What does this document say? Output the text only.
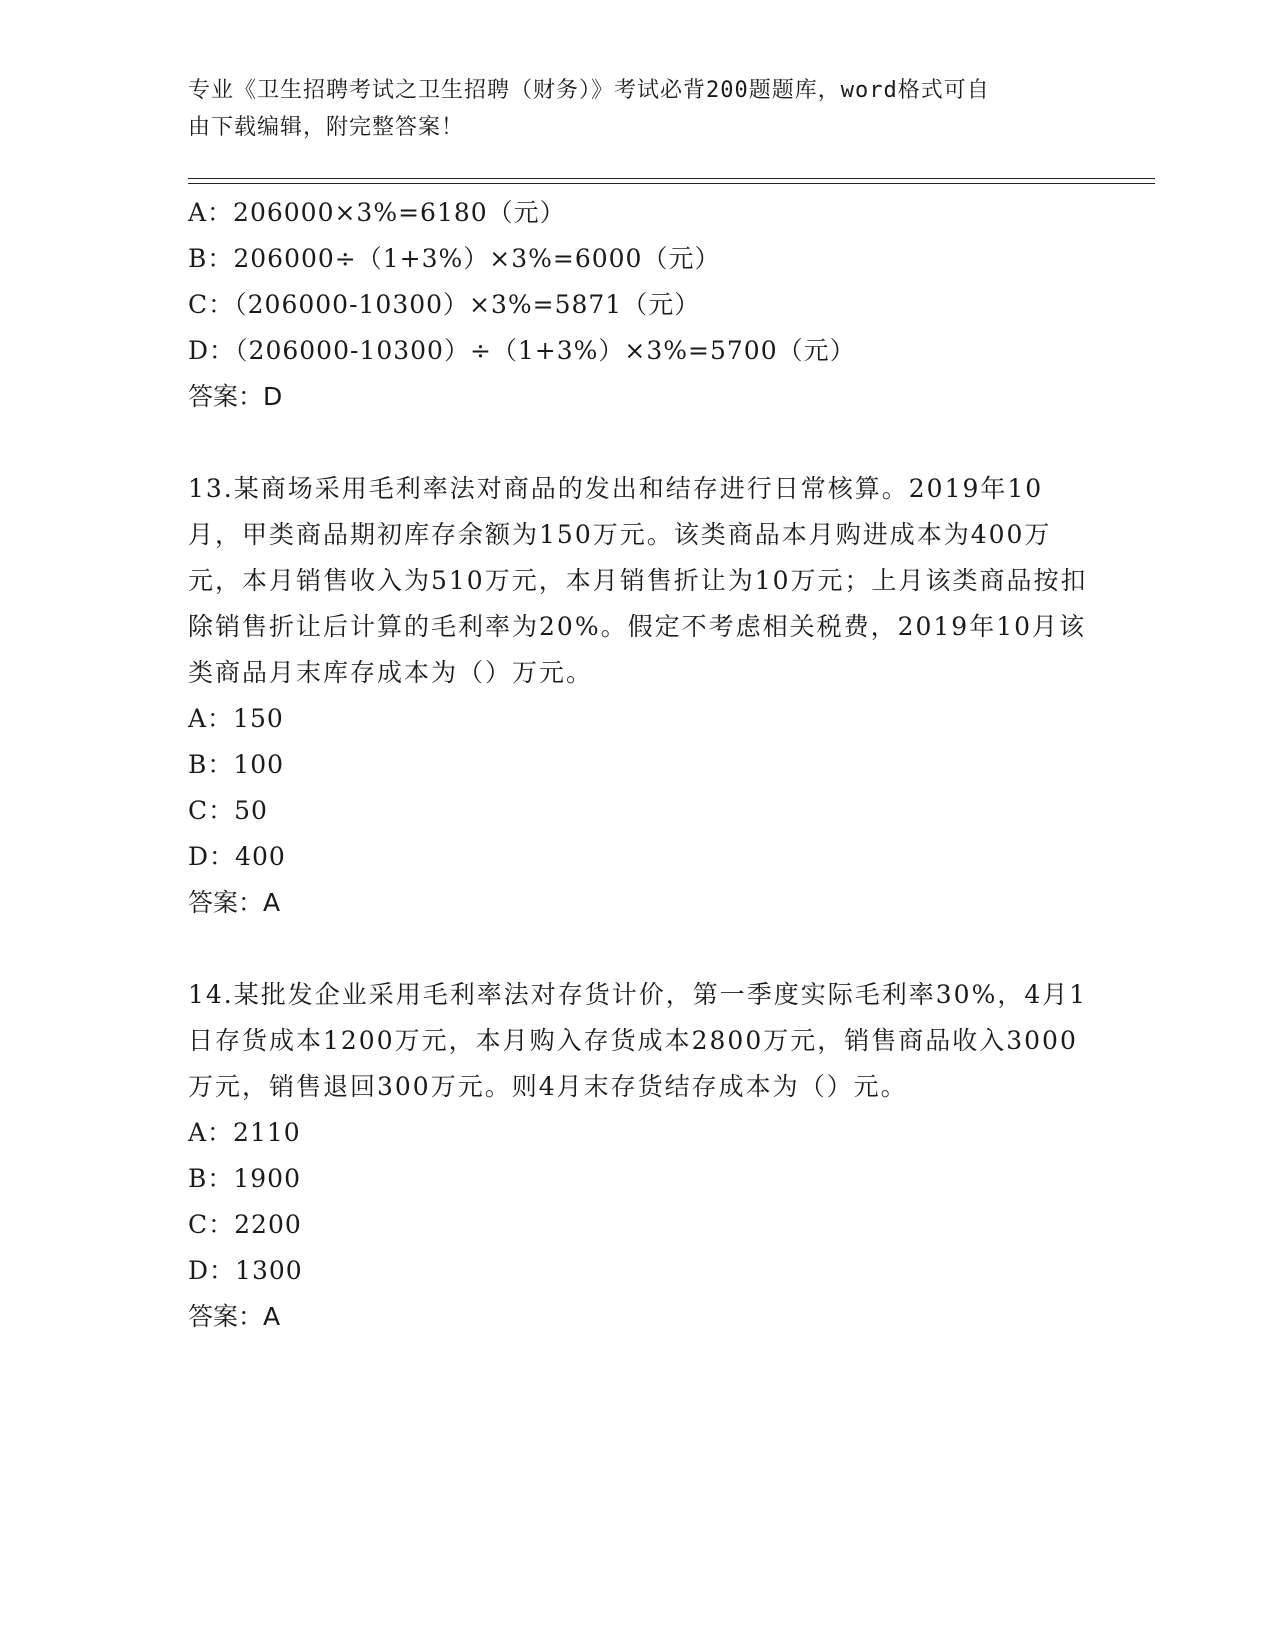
专业《卫生招聘考试之卫生招聘（财务）》考试必背200题题库，word格式可自
由下载编辑，附完整答案！

A：206000×3%=6180（元）

B：206000÷（1+3%）×3%=6000（元）

C：（206000-10300）×3%=5871（元）

D：（206000-10300）÷（1+3%）×3%=5700（元）

答案：D

13.某商场采用毛利率法对商品的发出和结存进行日常核算。2019年10月，甲类商品期初库存余额为150万元。该类商品本月购进成本为400万元，本月销售收入为510万元，本月销售折让为10万元；上月该类商品按扣除销售折让后计算的毛利率为20%。假定不考虑相关税费，2019年10月该类商品月末库存成本为（）万元。

A：150

B：100

C：50

D：400

答案：A

14.某批发企业采用毛利率法对存货计价，第一季度实际毛利率30%，4月1日存货成本1200万元，本月购入存货成本2800万元，销售商品收入3000万元，销售退回300万元。则4月末存货结存成本为（）元。

A：2110

B：1900

C：2200

D：1300

答案：A
